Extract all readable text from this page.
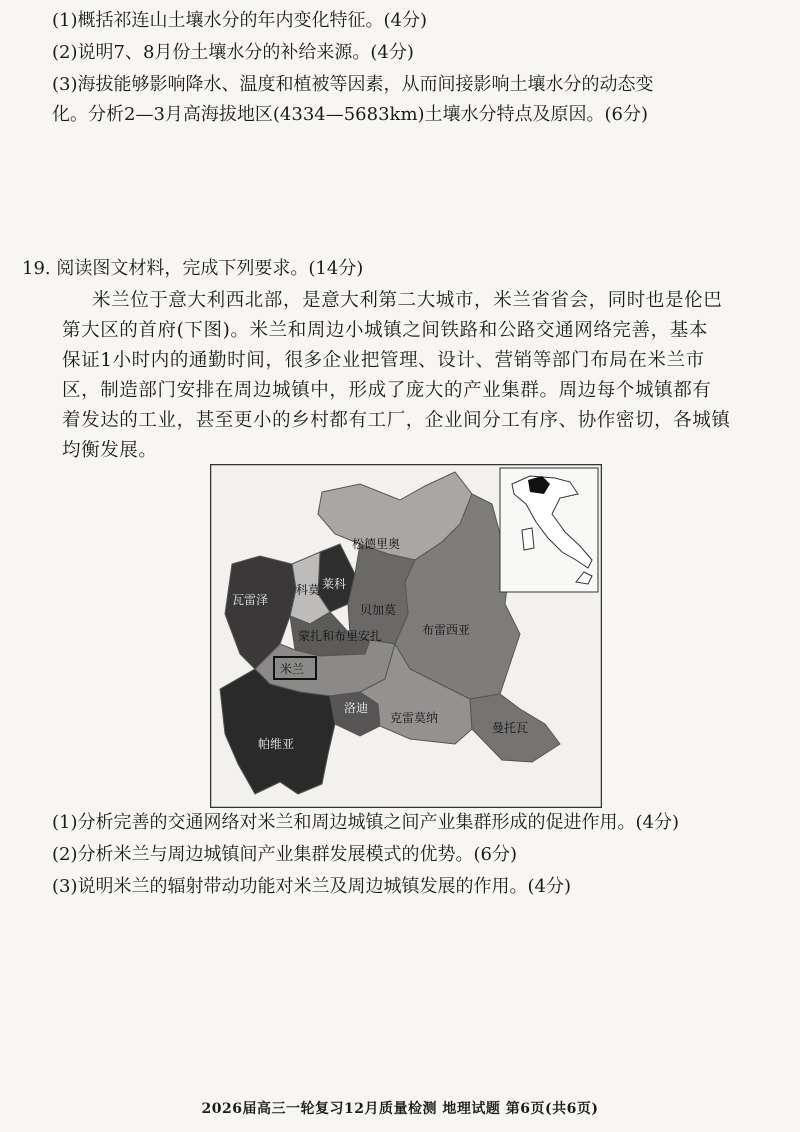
(1)概括祁连山土壤水分的年内变化特征。(4分)
(2)说明7、8月份土壤水分的补给来源。(4分)
(3)海拔能够影响降水、温度和植被等因素，从而间接影响土壤水分的动态变
化。分析2—3月高海拔地区(4334—5683km)土壤水分特点及原因。(6分)
19. 阅读图文材料，完成下列要求。(14分)
米兰位于意大利西北部，是意大利第二大城市，米兰省省会，同时也是伦巴
第大区的首府(下图)。米兰和周边小城镇之间铁路和公路交通网络完善，基本
保证1小时内的通勤时间，很多企业把管理、设计、营销等部门布局在米兰市
区，制造部门安排在周边城镇中，形成了庞大的产业集群。周边每个城镇都有
着发达的工业，甚至更小的乡村都有工厂，企业间分工有序、协作密切，各城镇
均衡发展。
松德里奥
布雷西亚
贝加莫
莱科
科莫
瓦雷泽
蒙扎和布里安扎
米兰
帕维亚
洛迪
克雷莫纳
曼托瓦
(1)分析完善的交通网络对米兰和周边城镇之间产业集群形成的促进作用。(4分)
(2)分析米兰与周边城镇间产业集群发展模式的优势。(6分)
(3)说明米兰的辐射带动功能对米兰及周边城镇发展的作用。(4分)
2026届高三一轮复习12月质量检测 地理试题 第6页(共6页)
